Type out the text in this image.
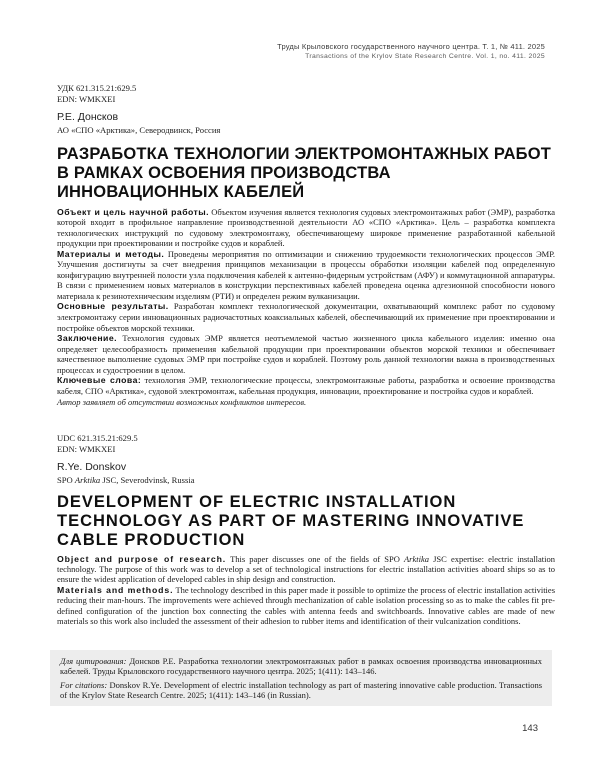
Труды Крыловского государственного научного центра. Т. 1, № 411. 2025
Transactions of the Krylov State Research Centre. Vol. 1, no. 411. 2025
УДК 621.315.21:629.5
EDN: WMKXEI
Р.Е. Донсков
АО «СПО «Арктика», Северодвинск, Россия
РАЗРАБОТКА ТЕХНОЛОГИИ ЭЛЕКТРОМОНТАЖНЫХ РАБОТ В РАМКАХ ОСВОЕНИЯ ПРОИЗВОДСТВА ИННОВАЦИОННЫХ КАБЕЛЕЙ

Объект и цель научной работы. Объектом изучения является технология судовых электромонтажных работ (ЭМР), разработка которой входит в профильное направление производственной деятельности АО «СПО «Арктика». Цель – разработка комплекта технологических инструкций по судовому электромонтажу, обеспечивающему широкое применение разработанной кабельной продукции при проектировании и постройке судов и кораблей.

Материалы и методы. Проведены мероприятия по оптимизации и снижению трудоемкости технологических процессов ЭМР. Улучшения достигнуты за счет внедрения принципов механизации в процессы обработки изоляции кабелей под определенную конфигурацию внутренней полости узла подключения кабелей к антенно-фидерным устройствам (АФУ) и коммутационной аппаратуры. В связи с применением новых материалов в конструкции перспективных кабелей проведена оценка адгезионной способности нового материала к резинотехническим изделиям (РТИ) и определен режим вулканизации.

Основные результаты. Разработан комплект технологической документации, охватывающий комплекс работ по судовому электромонтажу серии инновационных радиочастотных коаксиальных кабелей, обеспечивающий их применение при проектировании и постройке объектов морской техники.

Заключение. Технология судовых ЭМР является неотъемлемой частью жизненного цикла кабельного изделия: именно она определяет целесообразность применения кабельной продукции при проектировании объектов морской техники и обеспечивает качественное выполнение судовых ЭМР при постройке судов и кораблей. Поэтому роль данной технологии важна в производственных процессах и судостроении в целом.

Ключевые слова: технология ЭМР, технологические процессы, электромонтажные работы, разработка и освоение производства кабеля, СПО «Арктика», судовой электромонтаж, кабельная продукция, инновации, проектирование и постройка судов и кораблей.

Автор заявляет об отсутствии возможных конфликтов интересов.

UDC 621.315.21:629.5
EDN: WMKXEI
R.Ye. Donskov
SPO Arktika JSC, Severodvinsk, Russia
DEVELOPMENT OF ELECTRIC INSTALLATION TECHNOLOGY AS PART OF MASTERING INNOVATIVE CABLE PRODUCTION

Object and purpose of research. This paper discusses one of the fields of SPO Arktika JSC expertise: electric installation technology. The purpose of this work was to develop a set of technological instructions for electric installation activities aboard ships so as to ensure the widest application of developed cables in ship design and construction.

Materials and methods. The technology described in this paper made it possible to optimize the process of electric installation activities reducing their man-hours. The improvements were achieved through mechanization of cable isolation processing so as to make the cables fit pre-defined configuration of the junction box connecting the cables with antenna feeds and switchboards. Innovative cables are made of new materials so this work also included the assessment of their adhesion to rubber items and identification of their vulcanization conditions.

Для цитирования: Донсков Р.Е. Разработка технологии электромонтажных работ в рамках освоения производства инновационных кабелей. Труды Крыловского государственного научного центра. 2025; 1(411): 143–146.

For citations: Donskov R.Ye. Development of electric installation technology as part of mastering innovative cable production. Transactions of the Krylov State Research Centre. 2025; 1(411): 143–146 (in Russian).

143
